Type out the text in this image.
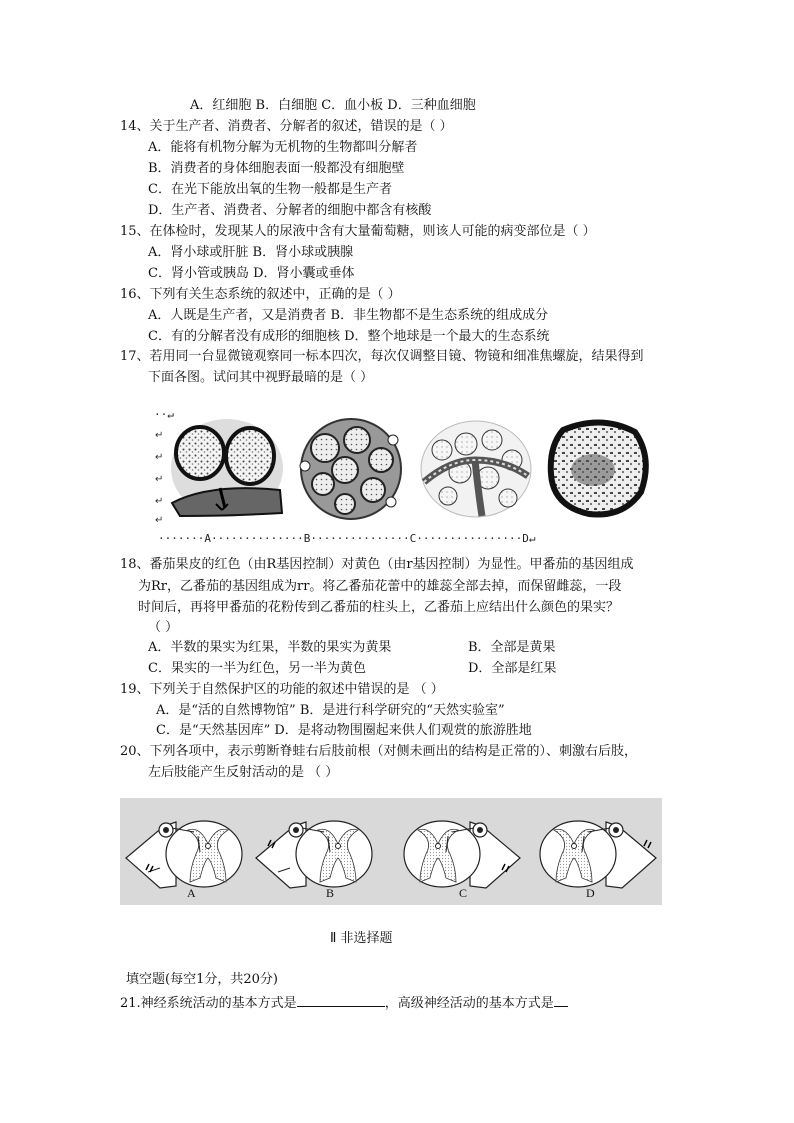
A．红细胞 B．白细胞 C．血小板 D．三种血细胞
14、关于生产者、消费者、分解者的叙述，错误的是（ ）
A．能将有机物分解为无机物的生物都叫分解者
B．消费者的身体细胞表面一般都没有细胞壁
C．在光下能放出氧的生物一般都是生产者
D．生产者、消费者、分解者的细胞中都含有核酸
15、在体检时，发现某人的尿液中含有大量葡萄糖，则该人可能的病变部位是（ ）
A．肾小球或肝脏 B．肾小球或胰腺
C．肾小管或胰岛 D．肾小囊或垂体
16、下列有关生态系统的叙述中，正确的是（ ）
A．人既是生产者，又是消费者 B．非生物都不是生态系统的组成成分
C．有的分解者没有成形的细胞核 D．整个地球是一个最大的生态系统
17、若用同一台显微镜观察同一标本四次，每次仅调整目镜、物镜和细准焦螺旋，结果得到
下面各图。试问其中视野最暗的是（ ）
··↵
↵
↵
↵
↵
↵
·······A··············B···············C················D↵
18、番茄果皮的红色（由R基因控制）对黄色（由r基因控制）为显性。甲番茄的基因组成
为Rr，乙番茄的基因组成为rr。将乙番茄花蕾中的雄蕊全部去掉，而保留雌蕊，一段
时间后，再将甲番茄的花粉传到乙番茄的柱头上，乙番茄上应结出什么颜色的果实？
（ ）
A．半数的果实为红果，半数的果实为黄果	B．全部是黄果
C．果实的一半为红色，另一半为黄色	D．全部是红果
19、下列关于自然保护区的功能的叙述中错误的是 （ ）
A．是“活的自然博物馆” B．是进行科学研究的“天然实验室”
C．是“天然基因库” D．是将动物围圈起来供人们观赏的旅游胜地
20、下列各项中，表示剪断脊蛙右后肢前根（对侧未画出的结构是正常的）、刺激右后肢，
左后肢能产生反射活动的是 （ ）
A	B	C	D
Ⅱ 非选择题
填空题(每空1分，共20分)
21.神经系统活动的基本方式是	，高级神经活动的基本方式是
